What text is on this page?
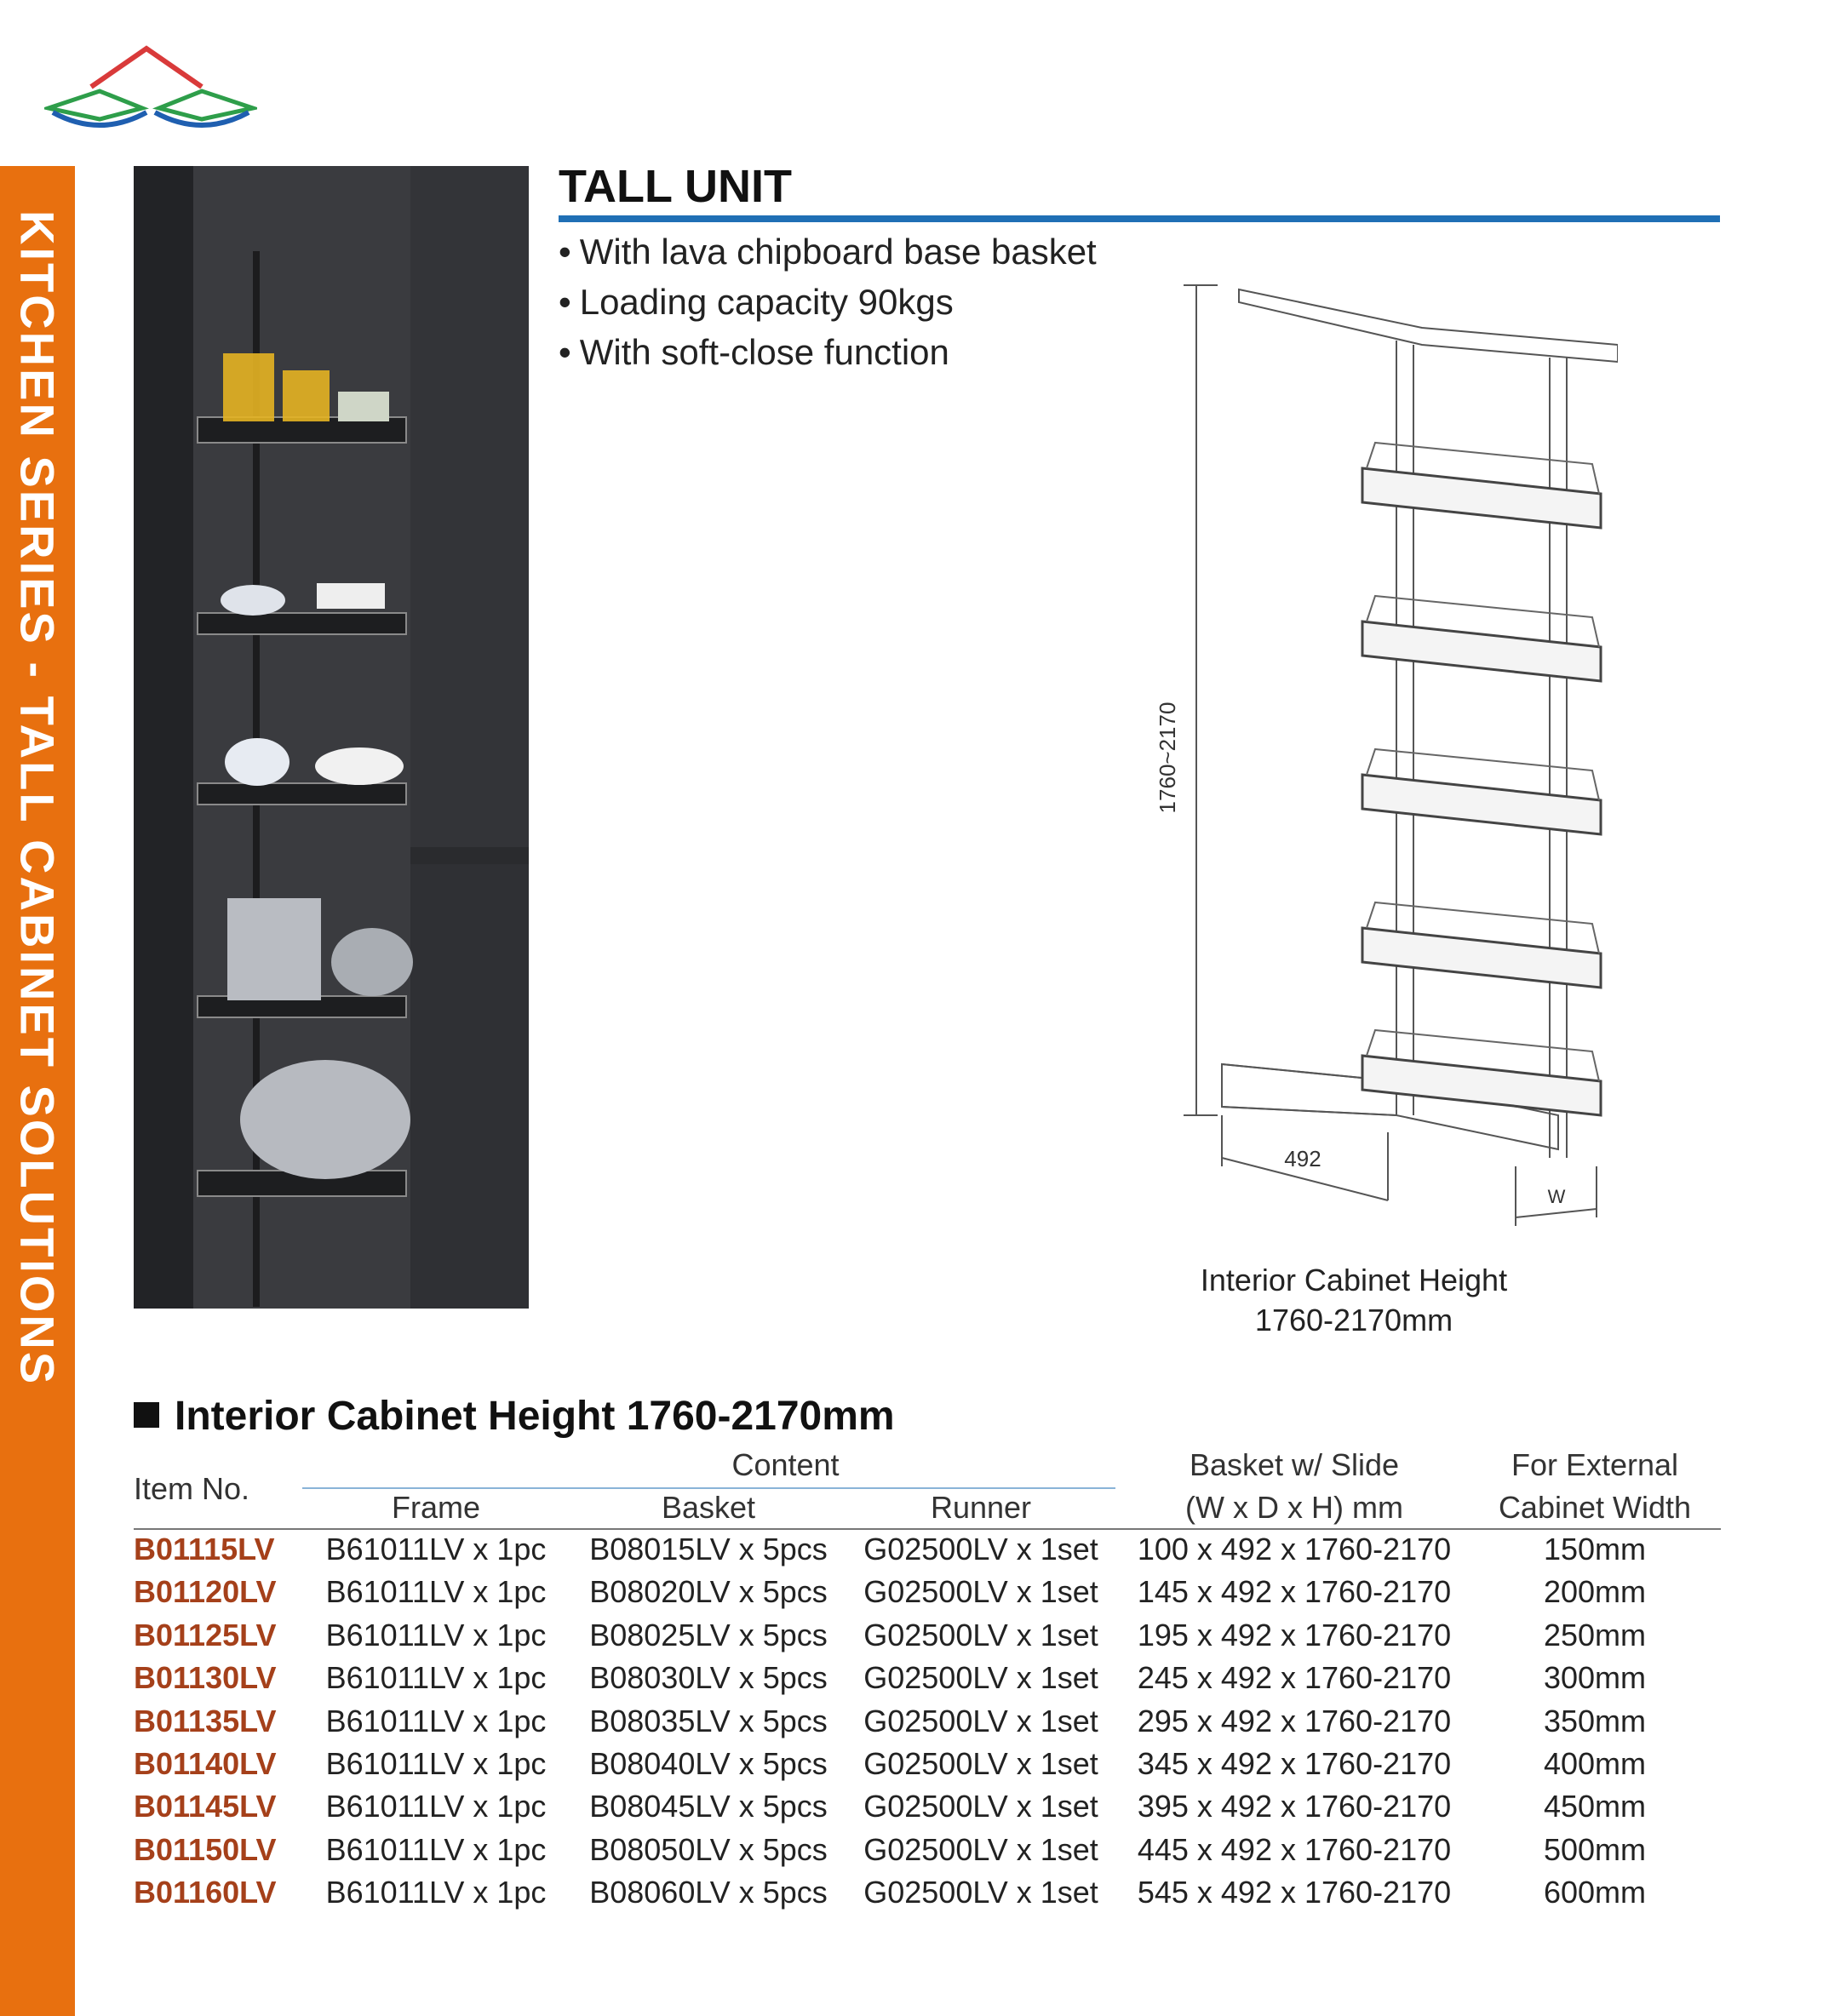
KITCHEN SERIES - TALL CABINET SOLUTIONS
TALL UNIT
• With lava chipboard base basket
• Loading capacity 90kgs
• With soft-close function
1760~2170
492
W
Interior Cabinet Height
1760-2170mm
Interior Cabinet Height 1760-2170mm
Item No.
Content
Frame	Basket	Runner
Basket w/ Slide
(W x D x H) mm
For External
Cabinet Width
B01115LV B61011LV x 1pc B08015LV x 5pcs G02500LV x 1set	100 x 492 x 1760-2170	150mm
B01120LV B61011LV x 1pc B08020LV x 5pcs G02500LV x 1set	145 x 492 x 1760-2170	200mm
B01125LV B61011LV x 1pc B08025LV x 5pcs G02500LV x 1set	195 x 492 x 1760-2170	250mm
B01130LV B61011LV x 1pc B08030LV x 5pcs G02500LV x 1set	245 x 492 x 1760-2170	300mm
B01135LV B61011LV x 1pc B08035LV x 5pcs G02500LV x 1set	295 x 492 x 1760-2170	350mm
B01140LV B61011LV x 1pc B08040LV x 5pcs G02500LV x 1set	345 x 492 x 1760-2170	400mm
B01145LV B61011LV x 1pc B08045LV x 5pcs G02500LV x 1set	395 x 492 x 1760-2170	450mm
B01150LV B61011LV x 1pc B08050LV x 5pcs G02500LV x 1set	445 x 492 x 1760-2170	500mm
B01160LV B61011LV x 1pc B08060LV x 5pcs G02500LV x 1set	545 x 492 x 1760-2170	600mm
